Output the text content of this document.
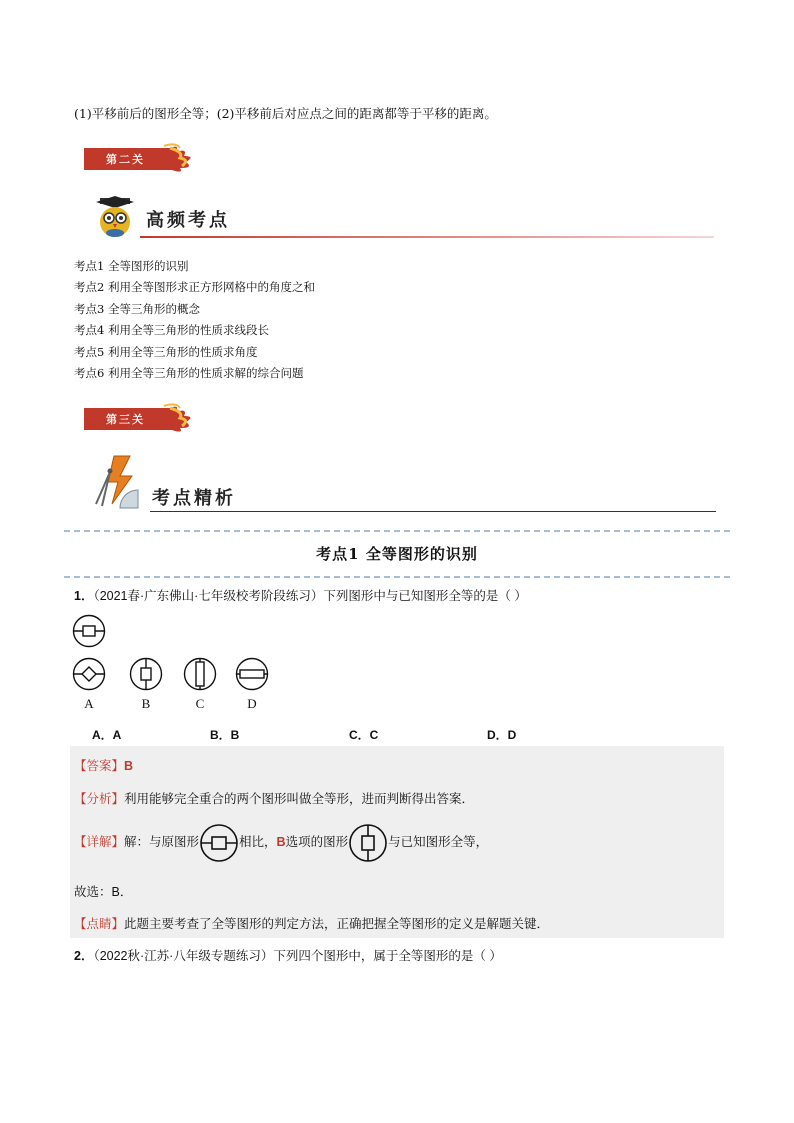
(1)平移前后的图形全等；(2)平移前后对应点之间的距离都等于平移的距离。
第二关
高频考点
考点1 全等图形的识别
考点2 利用全等图形求正方形网格中的角度之和
考点3 全等三角形的概念
考点4 利用全等三角形的性质求线段长
考点5 利用全等三角形的性质求角度
考点6 利用全等三角形的性质求解的综合问题
第三关
考点精析
考点1 全等图形的识别
1．（2021春·广东佛山·七年级校考阶段练习）下列图形中与已知图形全等的是（ ）
A	B	C	D
A．A	B．B	C．C	D．D
【答案】B
【分析】利用能够完全重合的两个图形叫做全等形，进而判断得出答案．
【详解】解：与原图形	相比，B选项的图形	与已知图形全等，
故选：B．
【点睛】此题主要考查了全等图形的判定方法，正确把握全等图形的定义是解题关键．
2．（2022秋·江苏·八年级专题练习）下列四个图形中，属于全等图形的是（ ）
